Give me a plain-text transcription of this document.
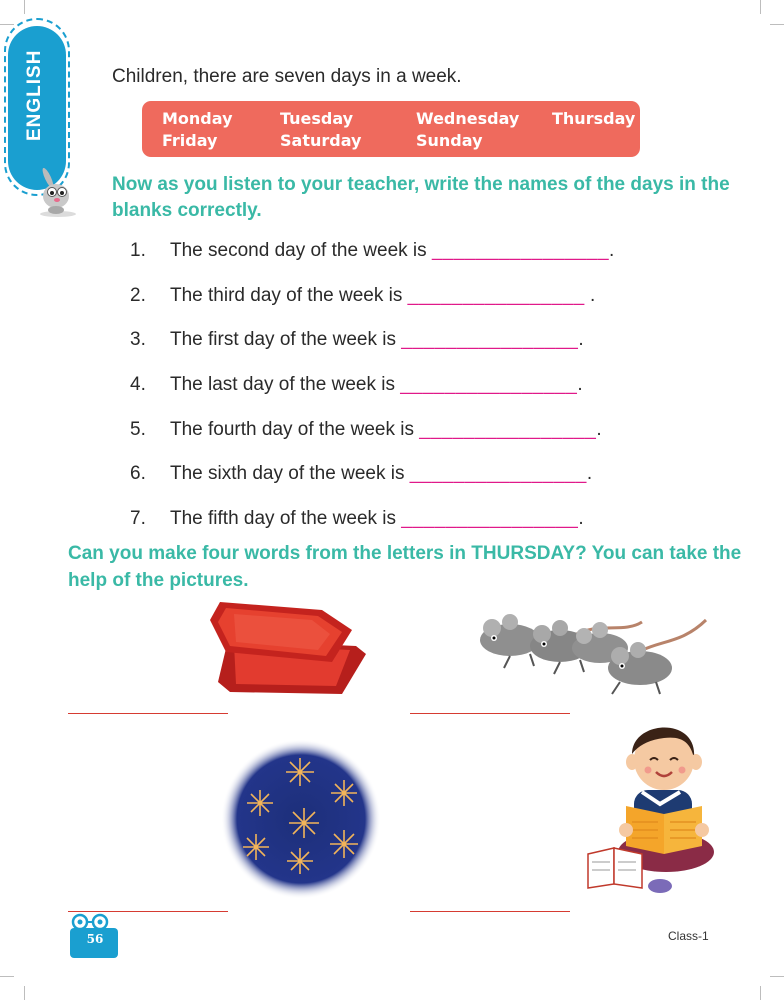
ENGLISH	Children, there are seven days in a week.
Monday	Tuesday	Wednesday Thursday
Friday	Saturday	Sunday
Now as you listen to your teacher, write the names of the days in the blanks correctly.
1. The second day of the week is ________________.
2. The third day of the week is ________________ .
3. The first day of the week is ________________.
4. The last day of the week is ________________.
5. The fourth day of the week is ________________.
6. The sixth day of the week is ________________.
7. The fifth day of the week is ________________.
Can you make four words from the letters in THURSDAY? You can take the help of the pictures.
56	Class-1
